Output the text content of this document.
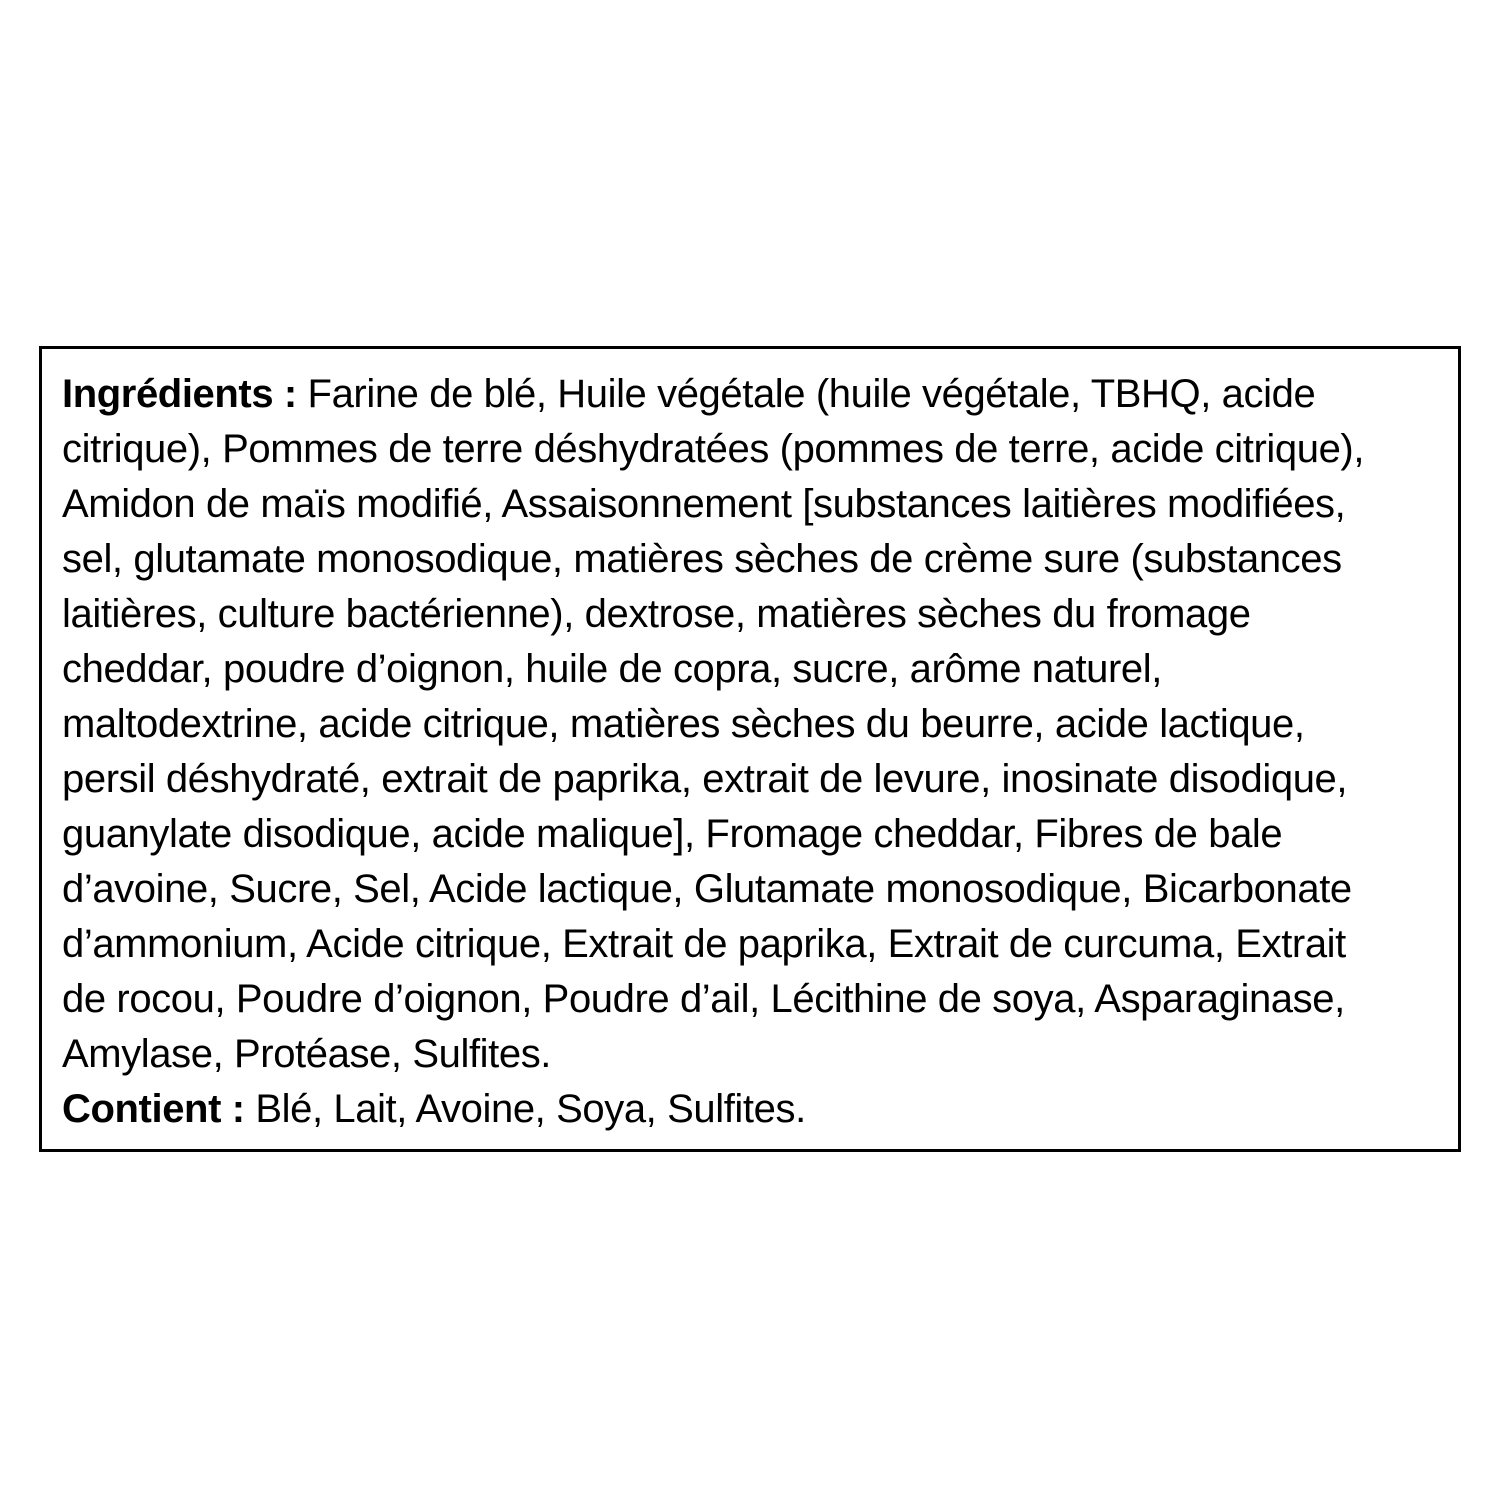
Ingrédients : Farine de blé, Huile végétale (huile végétale, TBHQ, acide
citrique), Pommes de terre déshydratées (pommes de terre, acide citrique),
Amidon de maïs modifié, Assaisonnement [substances laitières modifiées,
sel, glutamate monosodique, matières sèches de crème sure (substances
laitières, culture bactérienne), dextrose, matières sèches du fromage
cheddar, poudre d’oignon, huile de copra, sucre, arôme naturel,
maltodextrine, acide citrique, matières sèches du beurre, acide lactique,
persil déshydraté, extrait de paprika, extrait de levure, inosinate disodique,
guanylate disodique, acide malique], Fromage cheddar, Fibres de bale
d’avoine, Sucre, Sel, Acide lactique, Glutamate monosodique, Bicarbonate
d’ammonium, Acide citrique, Extrait de paprika, Extrait de curcuma, Extrait
de rocou, Poudre d’oignon, Poudre d’ail, Lécithine de soya, Asparaginase,
Amylase, Protéase, Sulfites.
Contient : Blé, Lait, Avoine, Soya, Sulfites.
